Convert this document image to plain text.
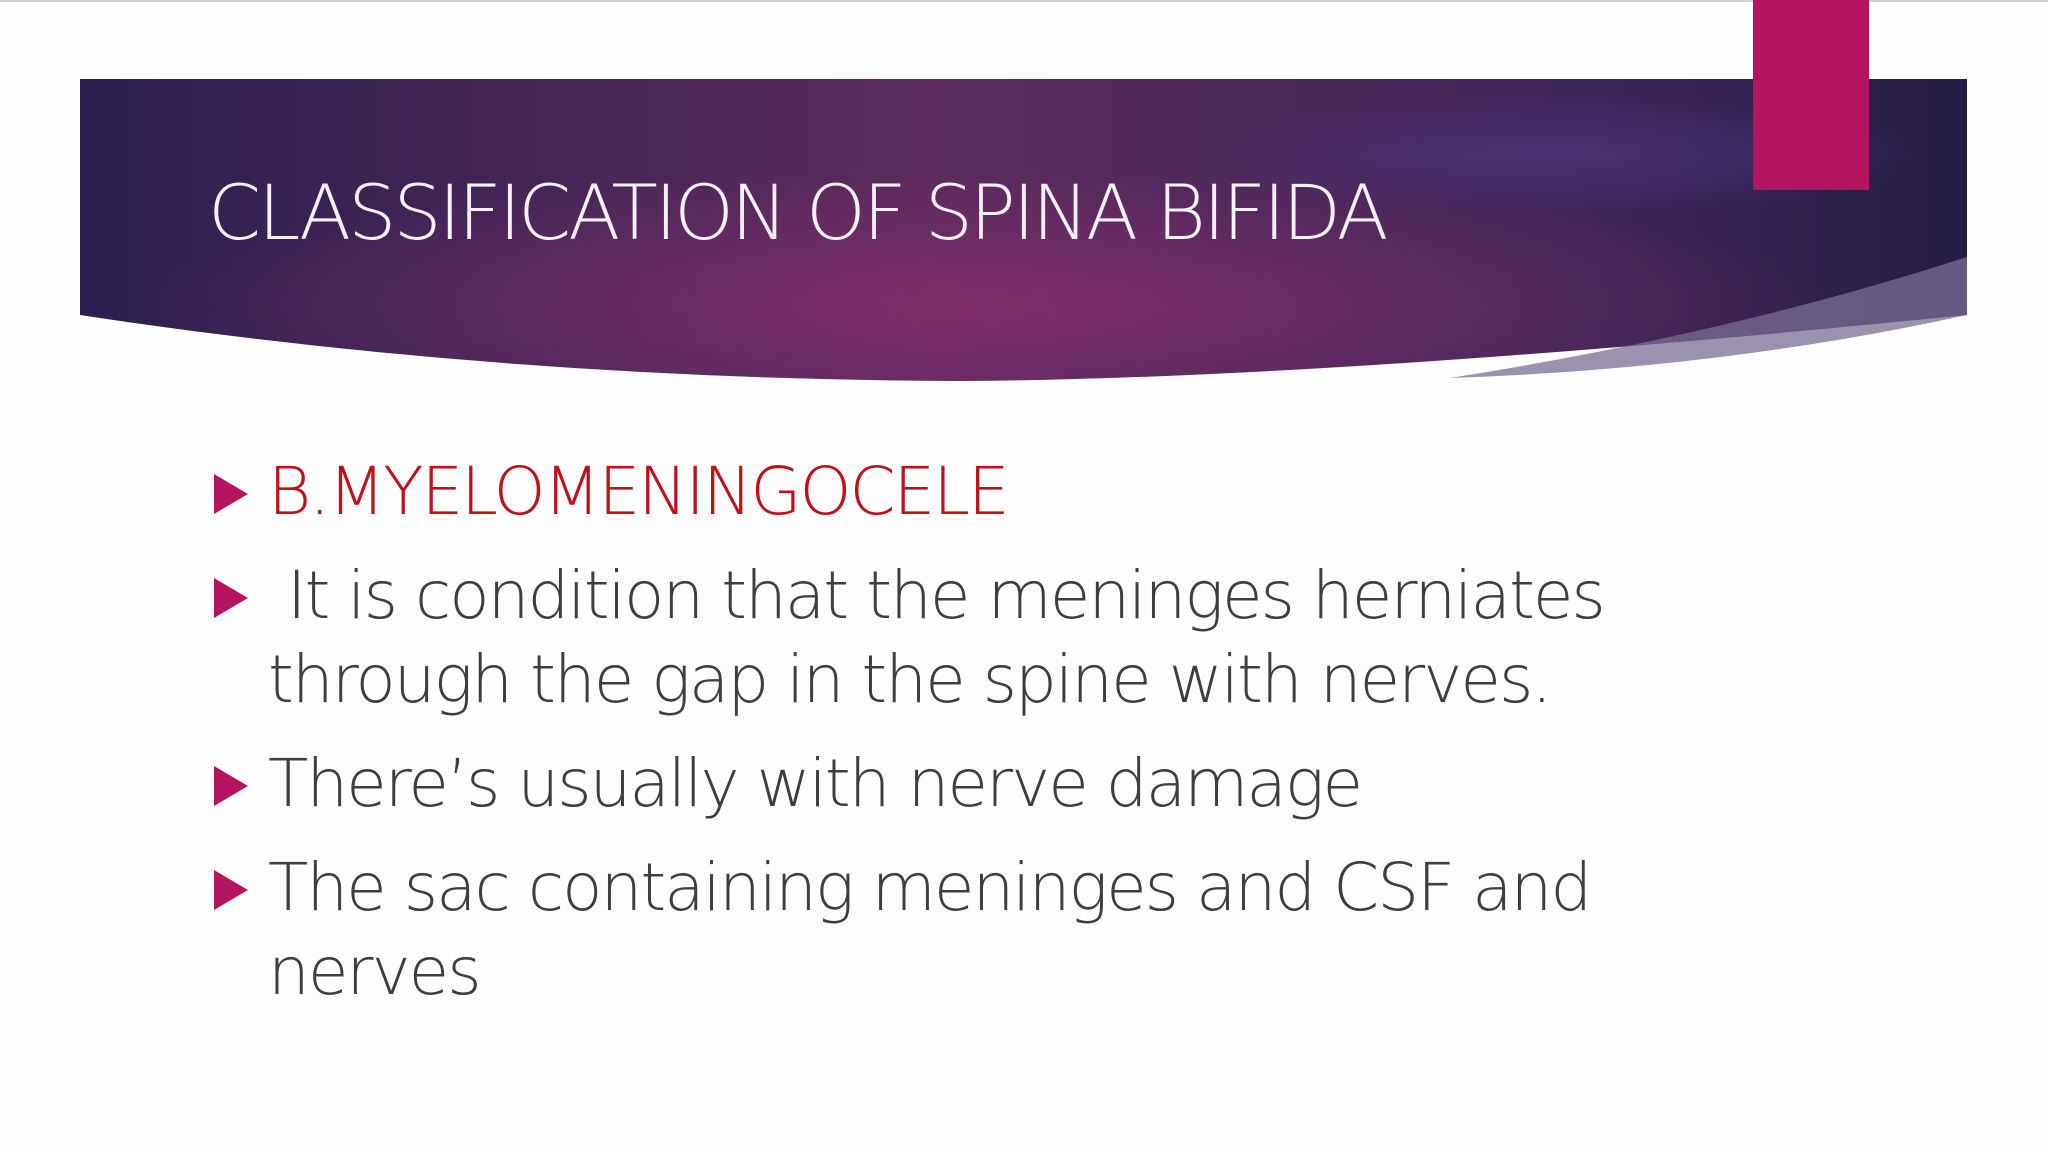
CLASSIFICATION OF SPINA BIFIDA
B.MYELOMENINGOCELE
It is condition that the meninges herniates through the gap in the spine with nerves.
There’s usually with nerve damage
The sac containing meninges and CSF and nerves
